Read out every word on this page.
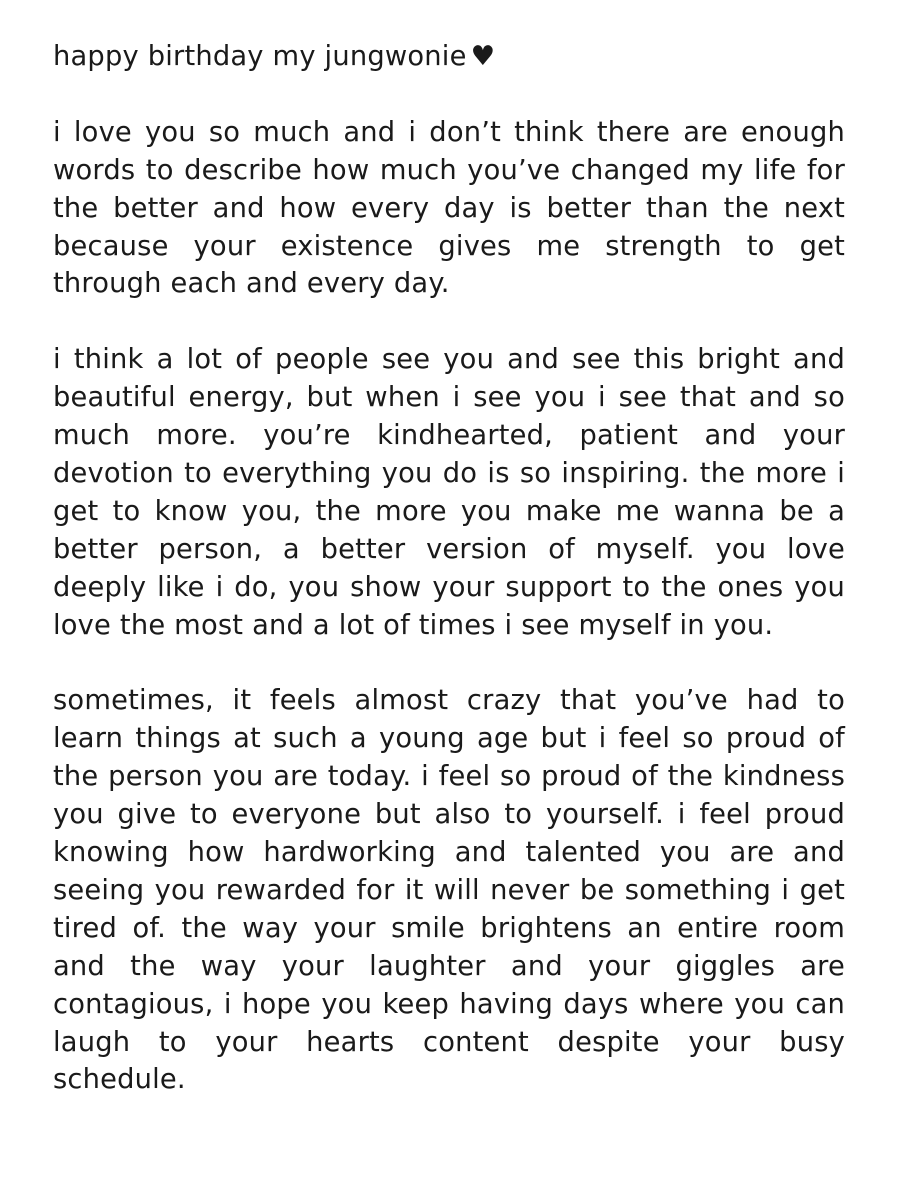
happy birthday my jungwonie ♥

i love you so much and i don’t think there are enough words to describe how much you’ve changed my life for the better and how every day is better than the next because your existence gives me strength to get through each and every day.

i think a lot of people see you and see this bright and beautiful energy, but when i see you i see that and so much more. you’re kindhearted, patient and your devotion to everything you do is so inspiring. the more i get to know you, the more you make me wanna be a better person, a better version of myself. you love deeply like i do, you show your support to the ones you love the most and a lot of times i see myself in you.

sometimes, it feels almost crazy that you’ve had to learn things at such a young age but i feel so proud of the person you are today. i feel so proud of the kindness you give to everyone but also to yourself. i feel proud knowing how hardworking and talented you are and seeing you rewarded for it will never be something i get tired of. the way your smile brightens an entire room and the way your laughter and your giggles are contagious, i hope you keep having days where you can laugh to your hearts content despite your busy schedule.
